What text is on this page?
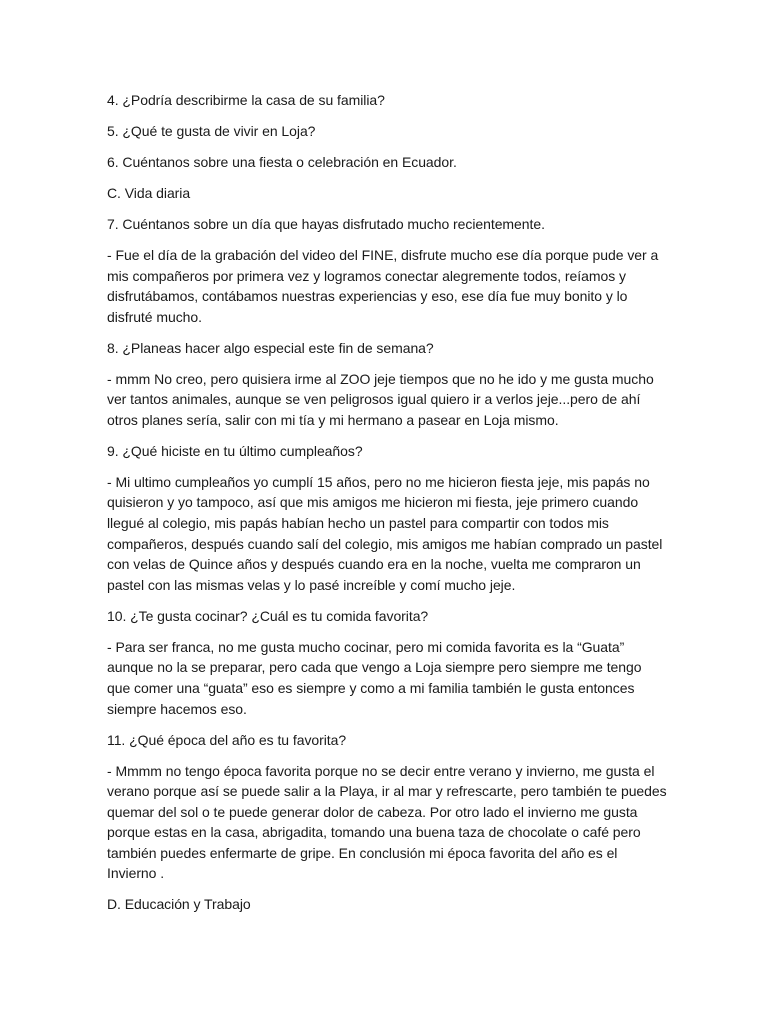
4. ¿Podría describirme la casa de su familia?

5. ¿Qué te gusta de vivir en Loja?

6. Cuéntanos sobre una fiesta o celebración en Ecuador.

C. Vida diaria

7. Cuéntanos sobre un día que hayas disfrutado mucho recientemente.

- Fue el día de la grabación del video del FINE, disfrute mucho ese día porque pude ver a mis compañeros por primera vez y logramos conectar alegremente todos, reíamos y disfrutábamos, contábamos nuestras experiencias y eso, ese día fue muy bonito y lo disfruté mucho.

8. ¿Planeas hacer algo especial este fin de semana?

- mmm No creo, pero quisiera irme al ZOO jeje tiempos que no he ido y me gusta mucho ver tantos animales, aunque se ven peligrosos igual quiero ir a verlos jeje...pero de ahí otros planes sería, salir con mi tía y mi hermano a pasear en Loja mismo.

9. ¿Qué hiciste en tu último cumpleaños?

- Mi ultimo cumpleaños yo cumplí 15 años, pero no me hicieron fiesta jeje, mis papás no quisieron y yo tampoco, así que mis amigos me hicieron mi fiesta, jeje primero cuando llegué al colegio, mis papás habían hecho un pastel para compartir con todos mis compañeros, después cuando salí del colegio, mis amigos me habían comprado un pastel con velas de Quince años y después cuando era en la noche, vuelta me compraron un pastel con las mismas velas y lo pasé increíble y comí mucho jeje.

10. ¿Te gusta cocinar? ¿Cuál es tu comida favorita?

- Para ser franca, no me gusta mucho cocinar, pero mi comida favorita es la “Guata” aunque no la se preparar, pero cada que vengo a Loja siempre pero siempre me tengo que comer una “guata” eso es siempre y como a mi familia también le gusta entonces siempre hacemos eso.

11. ¿Qué época del año es tu favorita?

- Mmmm no tengo época favorita porque no se decir entre verano y invierno, me gusta el verano porque así se puede salir a la Playa, ir al mar y refrescarte, pero también te puedes quemar del sol o te puede generar dolor de cabeza. Por otro lado el invierno me gusta porque estas en la casa, abrigadita, tomando una buena taza de chocolate o café pero también puedes enfermarte de gripe. En conclusión mi época favorita del año es el Invierno .

D. Educación y Trabajo
